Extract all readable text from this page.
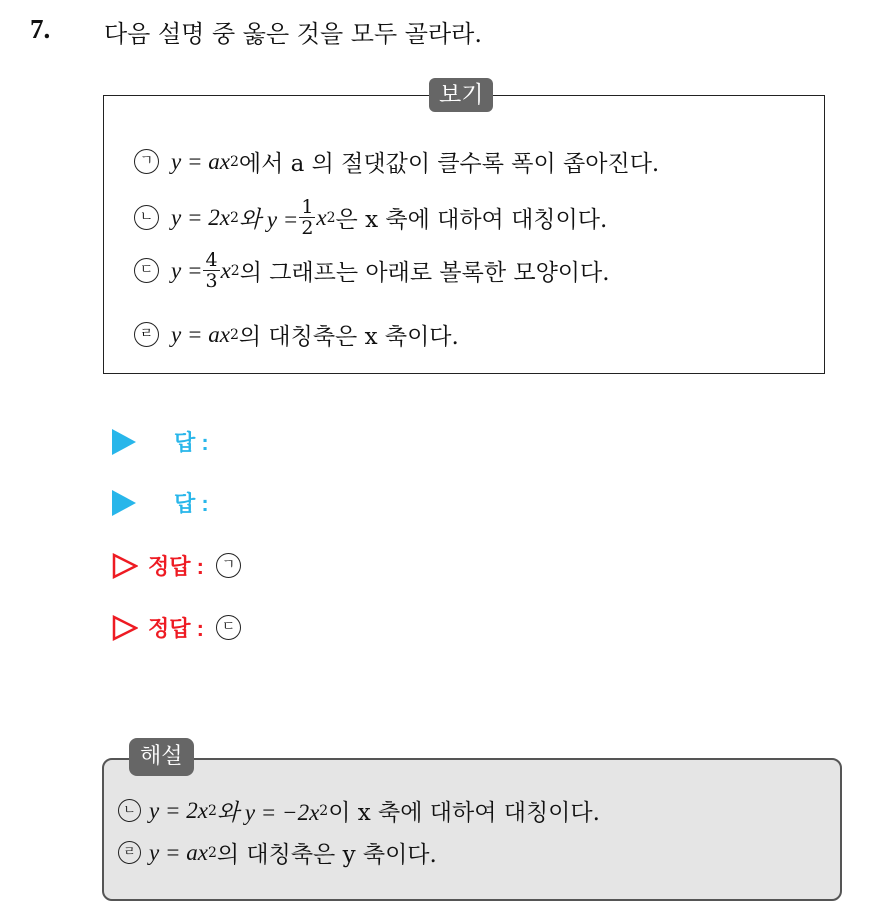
7. 다음 설명 중 옳은 것을 모두 골라라.
보기
ㄱ y = ax 2 에서 a 의 절댓값이 클수록 폭이 좁아진다.
ㄴ y = 2x 2 와 $y = \frac{1}{2}$ x 2 은 x 축에 대하여 대칭이다.
ㄷ $y = \frac{4}{3}$ x 2 의 그래프는 아래로 볼록한 모양이다.
ㄹ y = ax 2 의 대칭축은 x 축이다.
답 :
답 :
정답 :	ㄱ
정답 :	ㄷ
해설
ㄴ y = 2x 2 와 y = −2x 2 이 x 축에 대하여 대칭이다.
ㄹ y = ax 2 의 대칭축은 y 축이다.
